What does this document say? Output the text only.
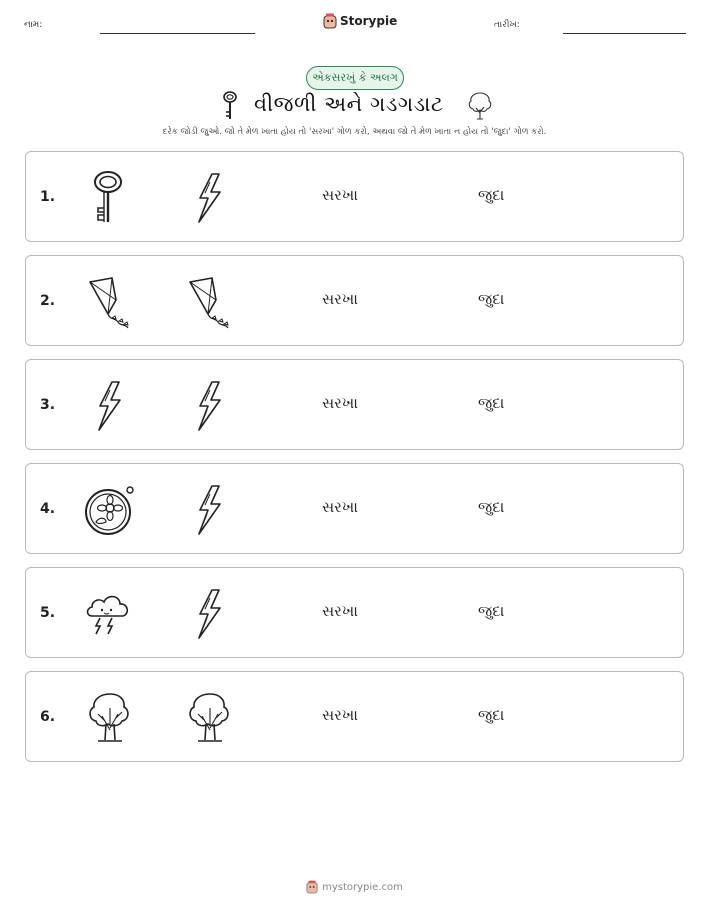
નામ:	Storypie	તારીખ:
એકસરખું કે અલગ
વીજળી અને ગડગડાટ
દરેક જોડી જુઓ. જો તે મેળ ખાતા હોય તો 'સરખા' ગોળ કરો, અથવા જો તે મેળ ખાતા ન હોય તો 'જુદા' ગોળ કરો.
1.	સરખા	જુદા
2.	સરખા	જુદા
3.	સરખા	જુદા
4.	સરખા	જુદા
5.	સરખા	જુદા
6.	સરખા	જુદા
mystorypie.com
